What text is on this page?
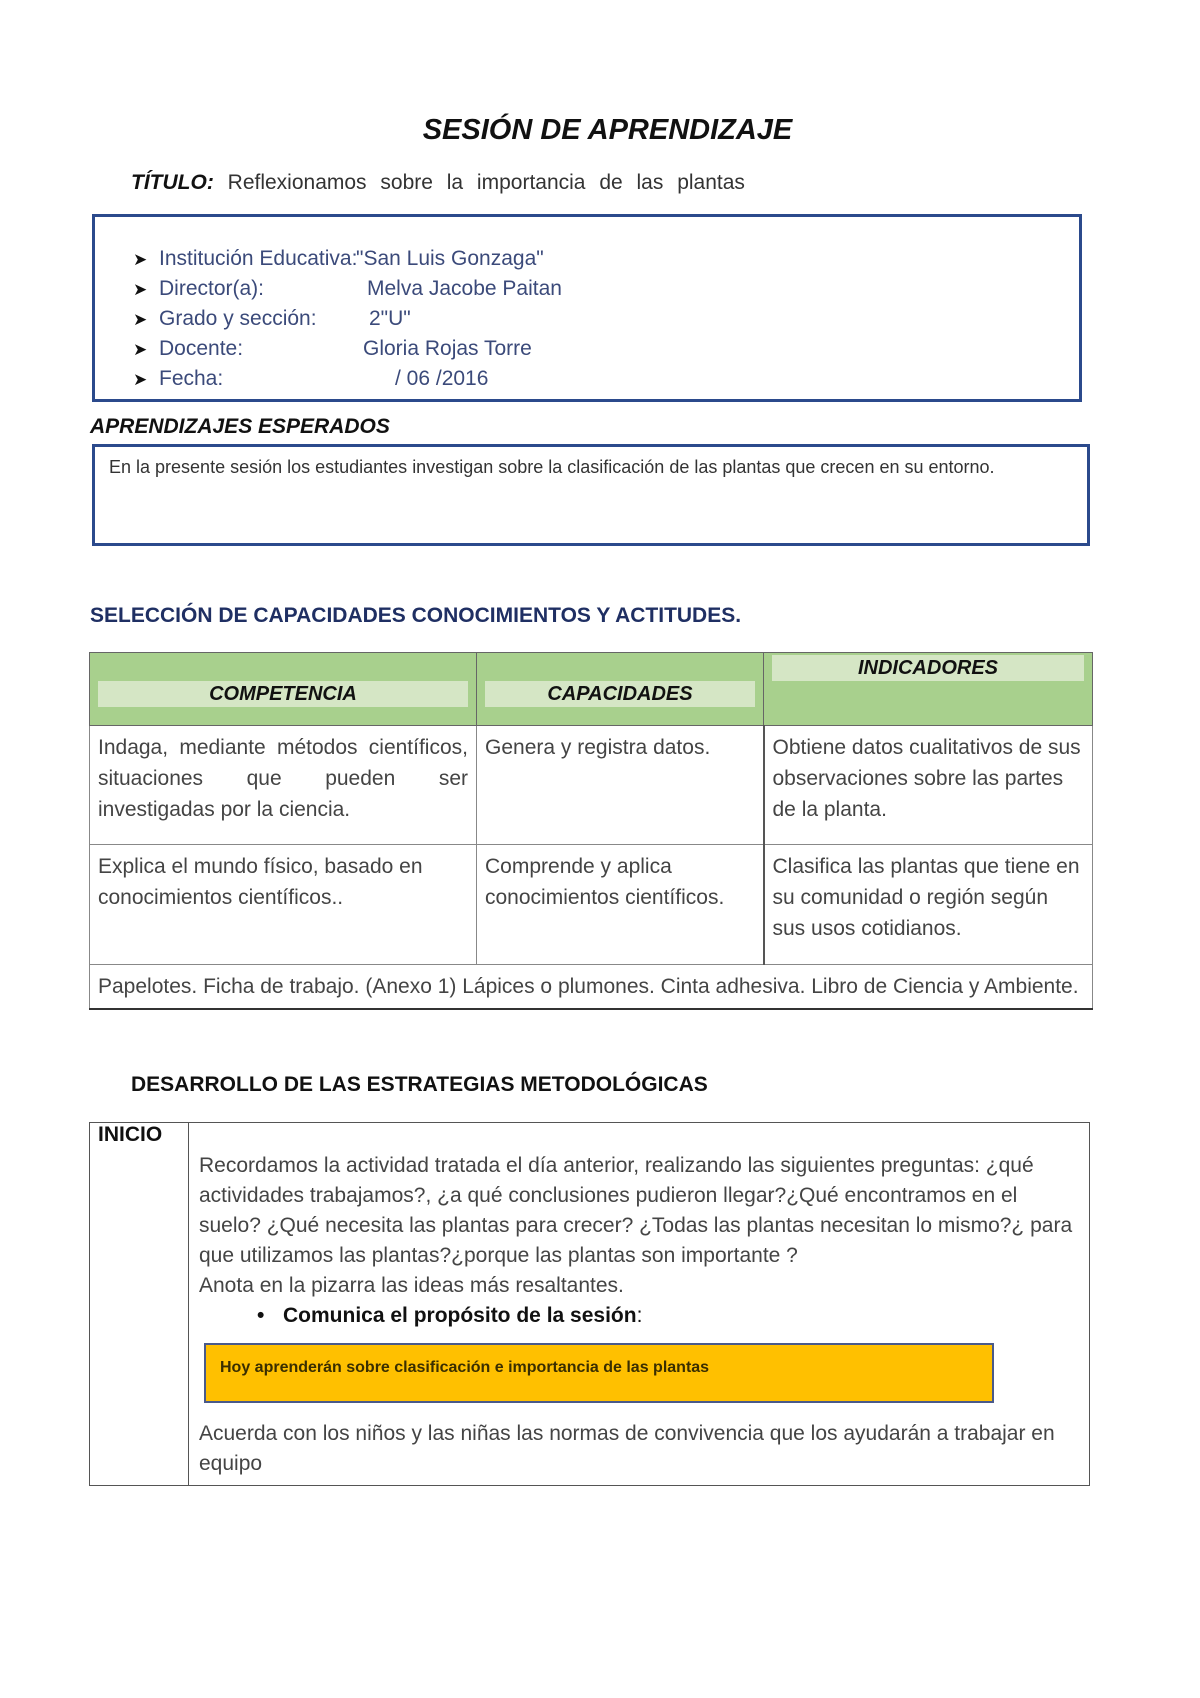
SESIÓN DE APRENDIZAJE
TÍTULO: Reflexionamos sobre la importancia de las plantas
➤ Institución Educativa:
"San Luis Gonzaga"
➤ Director(a):	Melva Jacobe Paitan
➤ Grado y sección: 2"U"
➤ Docente:	Gloria Rojas Torre
➤ Fecha:	/ 06 /2016
APRENDIZAJES ESPERADOS
En la presente sesión los estudiantes investigan sobre la clasificación de las plantas que crecen en su entorno.
SELECCIÓN DE CAPACIDADES CONOCIMIENTOS Y ACTITUDES.
COMPETENCIA	CAPACIDADES	INDICADORES

Indaga, mediante métodos científicos, situaciones que pueden ser investigadas por la ciencia.	Genera y registra datos.	Obtiene datos cualitativos de sus observaciones sobre las partes de la planta.
Explica el mundo físico, basado en conocimientos científicos..	Comprende y aplica conocimientos científicos.	Clasifica las plantas que tiene en su comunidad o región según sus usos cotidianos.
Papelotes. Ficha de trabajo. (Anexo 1) Lápices o plumones. Cinta adhesiva. Libro de Ciencia y Ambiente.		
DESARROLLO DE LAS ESTRATEGIAS METODOLÓGICAS
INICIO	
Recordamos la actividad tratada el día anterior, realizando las siguientes preguntas: ¿qué actividades trabajamos?, ¿a qué conclusiones pudieron llegar?¿Qué encontramos en el suelo? ¿Qué necesita las plantas para crecer? ¿Todas las plantas necesitan lo mismo?¿ para que utilizamos las plantas?¿porque las plantas son importante ?
Anota en la pizarra las ideas más resaltantes.
• Comunica el propósito de la sesión:
Hoy aprenderán sobre clasificación e importancia de las plantas
Acuerda con los niños y las niñas las normas de convivencia que los ayudarán a trabajar en equipo
